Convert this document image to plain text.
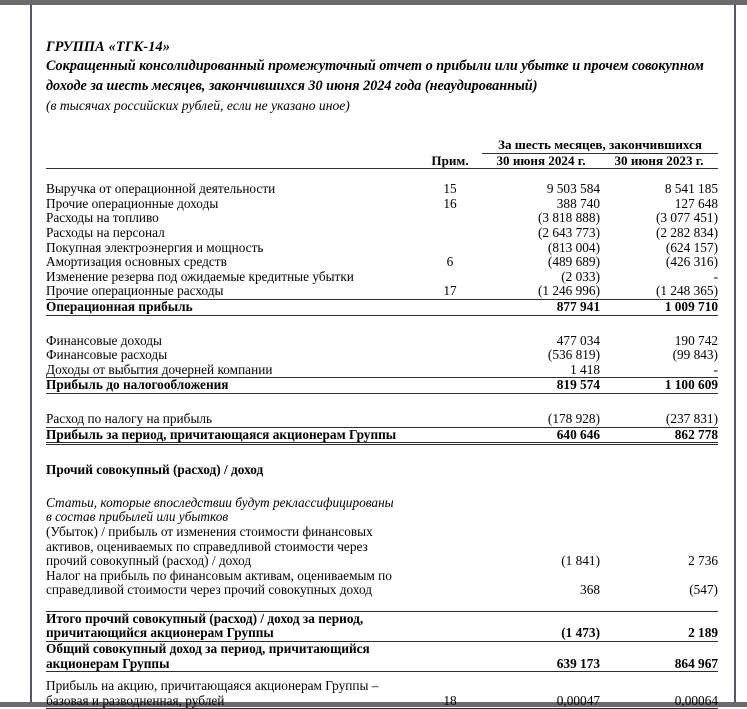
ГРУППА «ТГК-14»
Сокращенный консолидированный промежуточный отчет о прибыли или убытке и прочем совокупном
доходе за шесть месяцев, закончившихся 30 июня 2024 года (неаудированный)
(в тысячах российских рублей, если не указано иное)
		За шесть месяцев, закончившихся	
	Прим.	30 июня 2024 г.	30 июня 2023 г.

Выручка от операционной деятельности	15	9 503 584	8 541 185
Прочие операционные доходы	16	388 740	127 648
Расходы на топливо		(3 818 888)	(3 077 451)
Расходы на персонал		(2 643 773)	(2 282 834)
Покупная электроэнергия и мощность		(813 004)	(624 157)
Амортизация основных средств	6	(489 689)	(426 316)
Изменение резерва под ожидаемые кредитные убытки		(2 033)	-
Прочие операционные расходы	17	(1 246 996)	(1 248 365)
Операционная прибыль		877 941	1 009 710

Финансовые доходы		477 034	190 742
Финансовые расходы		(536 819)	(99 843)
Доходы от выбытия дочерней компании		1 418	-
Прибыль до налогообложения		819 574	1 100 609

Расход по налогу на прибыль		(178 928)	(237 831)
Прибыль за период, причитающаяся акционерам Группы		640 646	862 778

Прочий совокупный (расход) / доход			

Статьи, которые впоследствии будут реклассифицированы			
в состав прибылей или убытков			
(Убыток) / прибыль от изменения стоимости финансовых			
активов, оцениваемых по справедливой стоимости через			
прочий совокупный (расход) / доход		(1 841)	2 736
Налог на прибыль по финансовым активам, оцениваемым по			
справедливой стоимости через прочий совокупных доход		368	(547)

Итого прочий совокупный (расход) / доход за период,			
причитающийся акционерам Группы		(1 473)	2 189
Общий совокупный доход за период, причитающийся			
акционерам Группы		639 173	864 967

Прибыль на акцию, причитающаяся акционерам Группы –			
базовая и разводненная, рублей	18	0,00047	0,00064
